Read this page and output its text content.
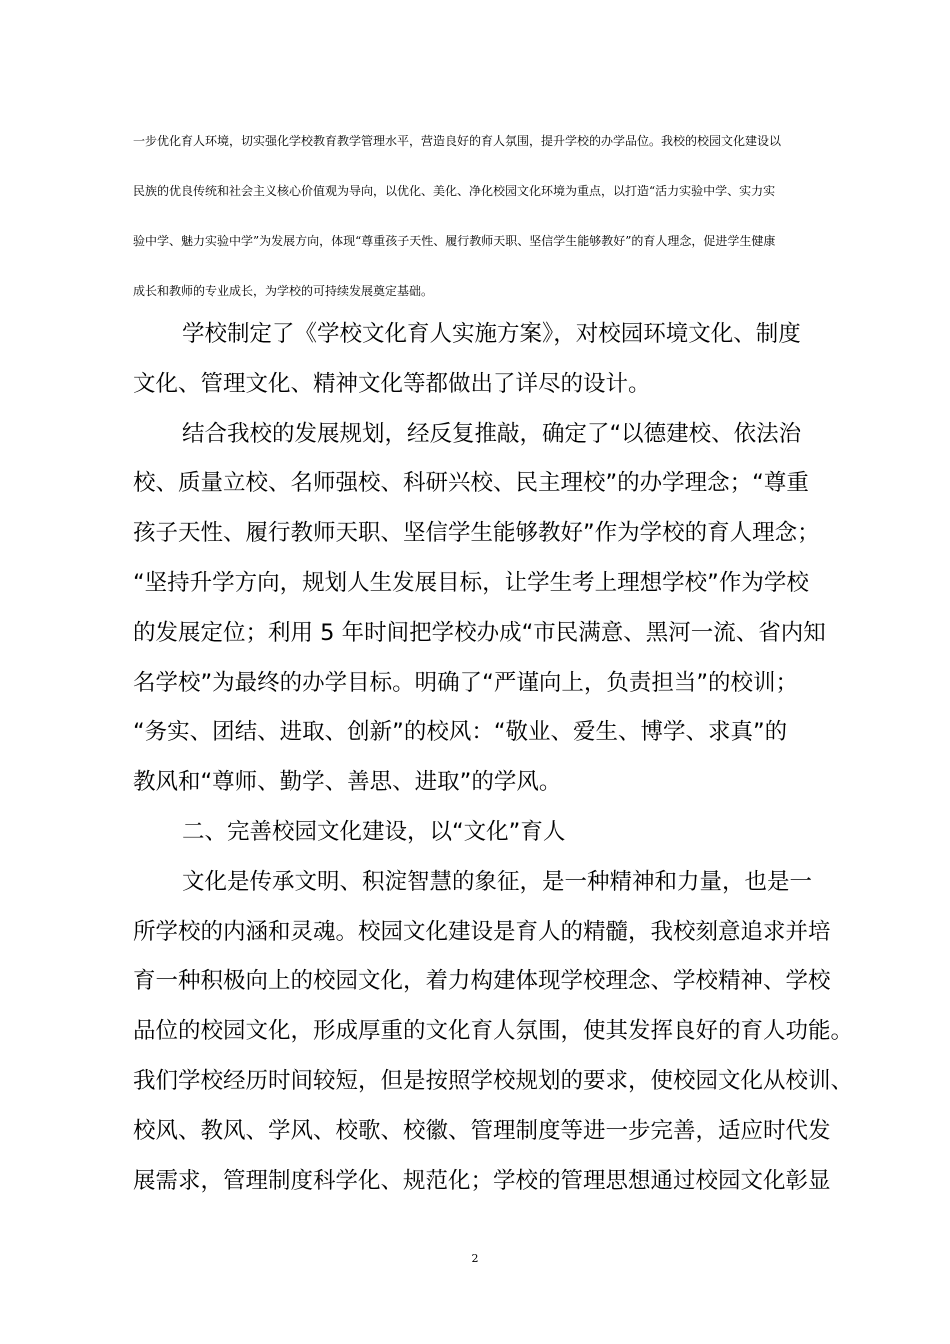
一步优化育人环境，切实强化学校教育教学管理水平，营造良好的育人氛围，提升学校的办学品位。我校的校园文化建设以
民族的优良传统和社会主义核心价值观为导向，以优化、美化、净化校园文化环境为重点，以打造“活力实验中学、实力实
验中学、魅力实验中学”为发展方向，体现“尊重孩子天性、履行教师天职、坚信学生能够教好”的育人理念，促进学生健康
成长和教师的专业成长，为学校的可持续发展奠定基础。
学校制定了《学校文化育人实施方案》，对校园环境文化、制度
文化、管理文化、精神文化等都做出了详尽的设计。
结合我校的发展规划，经反复推敲，确定了“以德建校、依法治
校、质量立校、名师强校、科研兴校、民主理校”的办学理念；“尊重
孩子天性、履行教师天职、坚信学生能够教好”作为学校的育人理念；
“坚持升学方向，规划人生发展目标，让学生考上理想学校”作为学校
的发展定位；利用 5 年时间把学校办成“市民满意、黑河一流、省内知
名学校”为最终的办学目标。明确了“严谨向上，负责担当”的校训；
“务实、团结、进取、创新”的校风：“敬业、爱生、博学、求真”的
教风和“尊师、勤学、善思、进取”的学风。
二、完善校园文化建设，以“文化”育人
文化是传承文明、积淀智慧的象征，是一种精神和力量，也是一
所学校的内涵和灵魂。校园文化建设是育人的精髓，我校刻意追求并培
育一种积极向上的校园文化，着力构建体现学校理念、学校精神、学校
品位的校园文化，形成厚重的文化育人氛围，使其发挥良好的育人功能。
我们学校经历时间较短，但是按照学校规划的要求，使校园文化从校训、
校风、教风、学风、校歌、校徽、管理制度等进一步完善，适应时代发
展需求，管理制度科学化、规范化；学校的管理思想通过校园文化彰显
2
